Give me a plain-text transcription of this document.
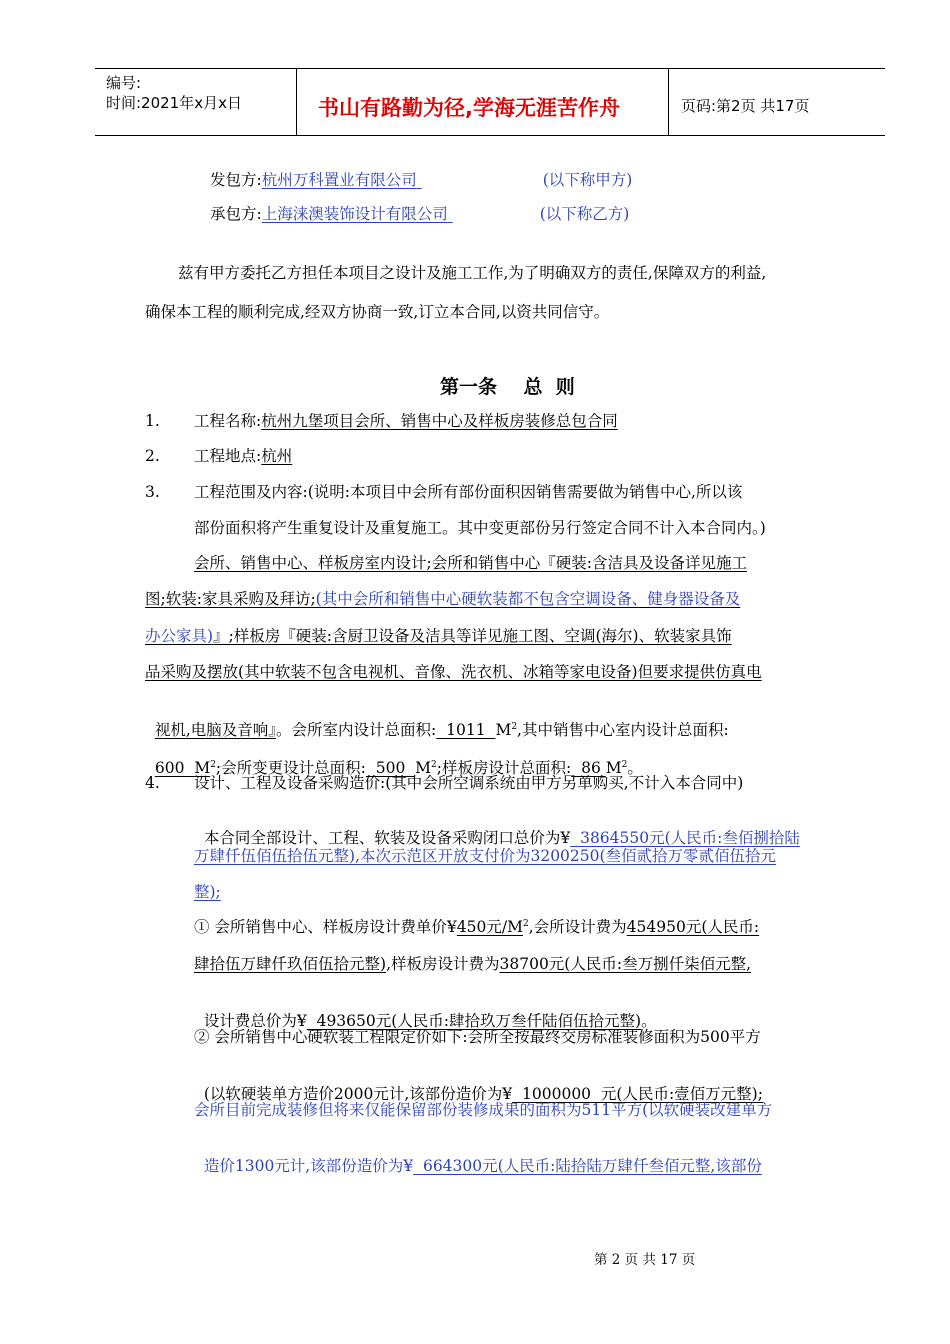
编号:
时间:2021年x月x日	书山有路勤为径,学海无涯苦作舟	页码:第2页 共17页
发包方:杭州万科置业有限公司	(以下称甲方)
承包方:上海涞澳装饰设计有限公司	(以下称乙方)
兹有甲方委托乙方担任本项目之设计及施工工作,为了明确双方的责任,保障双方的利益,
确保本工程的顺利完成,经双方协商一致,订立本合同,以资共同信守。
第一条    总  则
1. 工程名称:杭州九堡项目会所、销售中心及样板房装修总包合同
2. 工程地点:杭州
3. 工程范围及内容:(说明:本项目中会所有部份面积因销售需要做为销售中心,所以该
部份面积将产生重复设计及重复施工。其中变更部份另行签定合同不计入本合同内。)
会所、销售中心、样板房室内设计;会所和销售中心『硬装:含洁具及设备详见施工
图;软装:家具采购及拜访;(其中会所和销售中心硬软装都不包含空调设备、健身器设备及
办公家具)』;样板房『硬装:含厨卫设备及洁具等详见施工图、空调(海尔)、软装家具饰
品采购及摆放(其中软装不包含电视机、音像、洗衣机、冰箱等家电设备)但要求提供仿真电

视机,电脑及音响』。会所室内设计总面积:  1011  $M^2$,其中销售中心室内设计总面积:

600  $M^2$;会所变更设计总面积:  500  $M^2$;样板房设计总面积:  86 $M^2$。

4. 设计、工程及设备采购造价:(其中会所空调系统由甲方另单购买,不计入本合同中)

本合同全部设计、工程、软装及设备采购闭口总价为¥  3864550元(人民币:叁佰捌拾陆

万肆仟伍佰伍拾伍元整),本次示范区开放支付价为3200250(叁佰贰拾万零贰佰伍拾元
整);
① 会所销售中心、样板房设计费单价¥450元$/M^2$,会所设计费为454950元(人民币:
肆拾伍万肆仟玖佰伍拾元整),样板房设计费为38700元(人民币:叁万捌仟柒佰元整,

设计费总价为¥  493650元(人民币:肆拾玖万叁仟陆佰伍拾元整)。

② 会所销售中心硬软装工程限定价如下:会所全按最终交房标准装修面积为500平方

(以软硬装单方造价2000元计,该部份造价为¥  1000000  元(人民币:壹佰万元整);

会所目前完成装修但将来仅能保留部份装修成果的面积为511平方(以软硬装改建单方

造价1300元计,该部份造价为¥  664300元(人民币:陆拾陆万肆仟叁佰元整,该部份

第 2 页 共 17 页
